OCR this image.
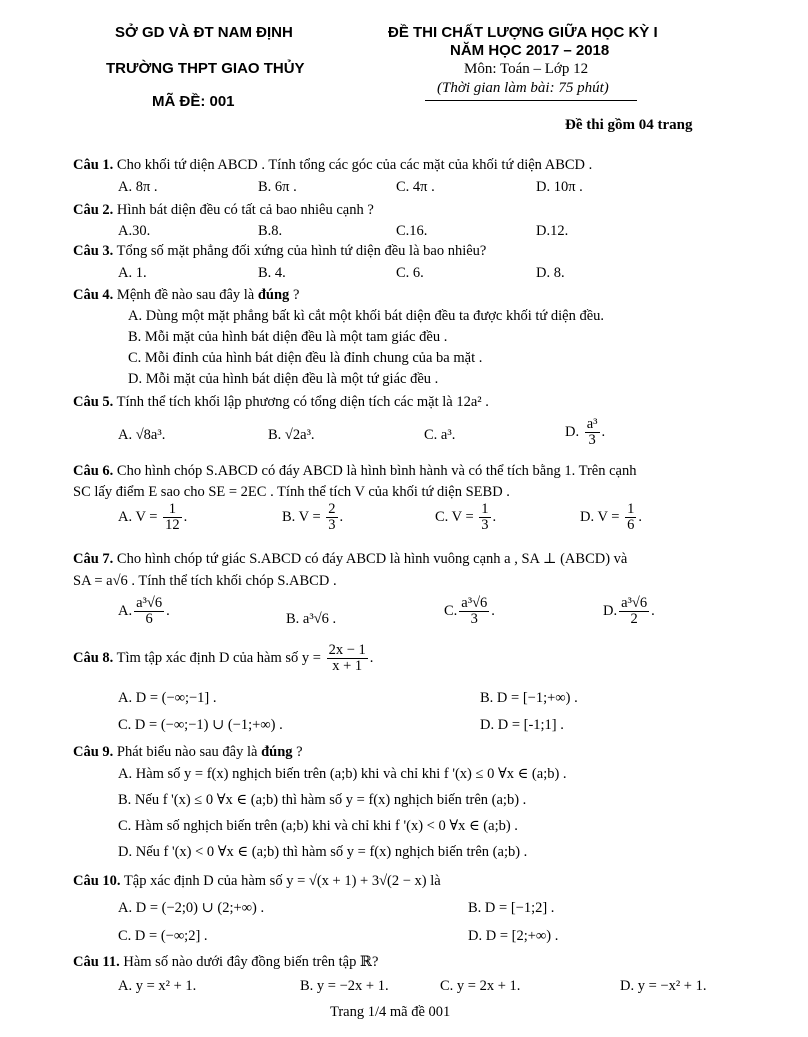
SỞ GD VÀ ĐT NAM ĐỊNH
TRƯỜNG THPT GIAO THỦY
MÃ ĐỀ: 001
ĐỀ THI CHẤT LƯỢNG GIỮA HỌC KỲ I
NĂM HỌC 2017 – 2018
Môn: Toán – Lớp 12
(Thời gian làm bài: 75 phút)
Đề thi gồm 04 trang
Câu 1. Cho khối tứ diện ABCD . Tính tổng các góc của các mặt của khối tứ diện ABCD .
A. 8π .	B. 6π .	C. 4π .	D. 10π .
Câu 2. Hình bát diện đều có tất cả bao nhiêu cạnh ?
A.30.	B.8.	C.16.	D.12.
Câu 3. Tổng số mặt phẳng đối xứng của hình tứ diện đều là bao nhiêu?
A. 1.	B. 4.	C. 6.	D. 8.
Câu 4. Mệnh đề nào sau đây là đúng ?
A. Dùng một mặt phẳng bất kì cắt một khối bát diện đều ta được khối tứ diện đều.
B. Mỗi mặt của hình bát diện đều là một tam giác đều .
C. Mỗi đỉnh của hình bát diện đều là đỉnh chung của ba mặt .
D. Mỗi mặt của hình bát diện đều là một tứ giác đều .
Câu 5. Tính thể tích khối lập phương có tổng diện tích các mặt là 12a² .
A. √8a³.	B. √2a³.	C. a³.	D. $\frac{\text{a³}}{3}$ .
Câu 6. Cho hình chóp S.ABCD có đáy ABCD là hình bình hành và có thể tích bằng 1. Trên cạnh
SC lấy điểm E sao cho SE = 2EC . Tính thể tích V của khối tứ diện SEBD .
A. $V = \frac{1}{12}$ .	B. $V = \frac{2}{3}$ .	C. $V = \frac{1}{3}$ .	D. $V = \frac{1}{6}$ .
Câu 7. Cho hình chóp tứ giác S.ABCD có đáy ABCD là hình vuông cạnh a , SA ⊥ (ABCD) và
SA = a√6 . Tính thể tích khối chóp S.ABCD .
A. $\frac{\text{a³√6}}{6}$ .	B. a³√6 .	C. $\frac{\text{a³√6}}{3}$ .	D. $\frac{\text{a³√6}}{2}$ .
Câu 8. Tìm tập xác định D của hàm số $y = \frac{2x - 1}{x + 1}$ .
A. D = (−∞;−1] .	B. D = [−1;+∞) .
C. D = (−∞;−1) ∪ (−1;+∞) .	D. D = [-1;1] .
Câu 9. Phát biểu nào sau đây là đúng ?
A. Hàm số y = f(x) nghịch biến trên (a;b) khi và chỉ khi f '(x) ≤ 0 ∀x ∈ (a;b) .
B. Nếu f '(x) ≤ 0 ∀x ∈ (a;b) thì hàm số y = f(x) nghịch biến trên (a;b) .
C. Hàm số nghịch biến trên (a;b) khi và chỉ khi f '(x) < 0 ∀x ∈ (a;b) .
D. Nếu f '(x) < 0 ∀x ∈ (a;b) thì hàm số y = f(x) nghịch biến trên (a;b) .
Câu 10. Tập xác định D của hàm số y = √(x + 1) + 3√(2 − x) là
A. D = (−2;0) ∪ (2;+∞) .	B. D = [−1;2] .
C. D = (−∞;2] .	D. D = [2;+∞) .
Câu 11. Hàm số nào dưới đây đồng biến trên tập ℝ?
A. y = x² + 1.	B. y = −2x + 1.	C. y = 2x + 1.	D. y = −x² + 1.
Trang 1/4 mã đề 001
